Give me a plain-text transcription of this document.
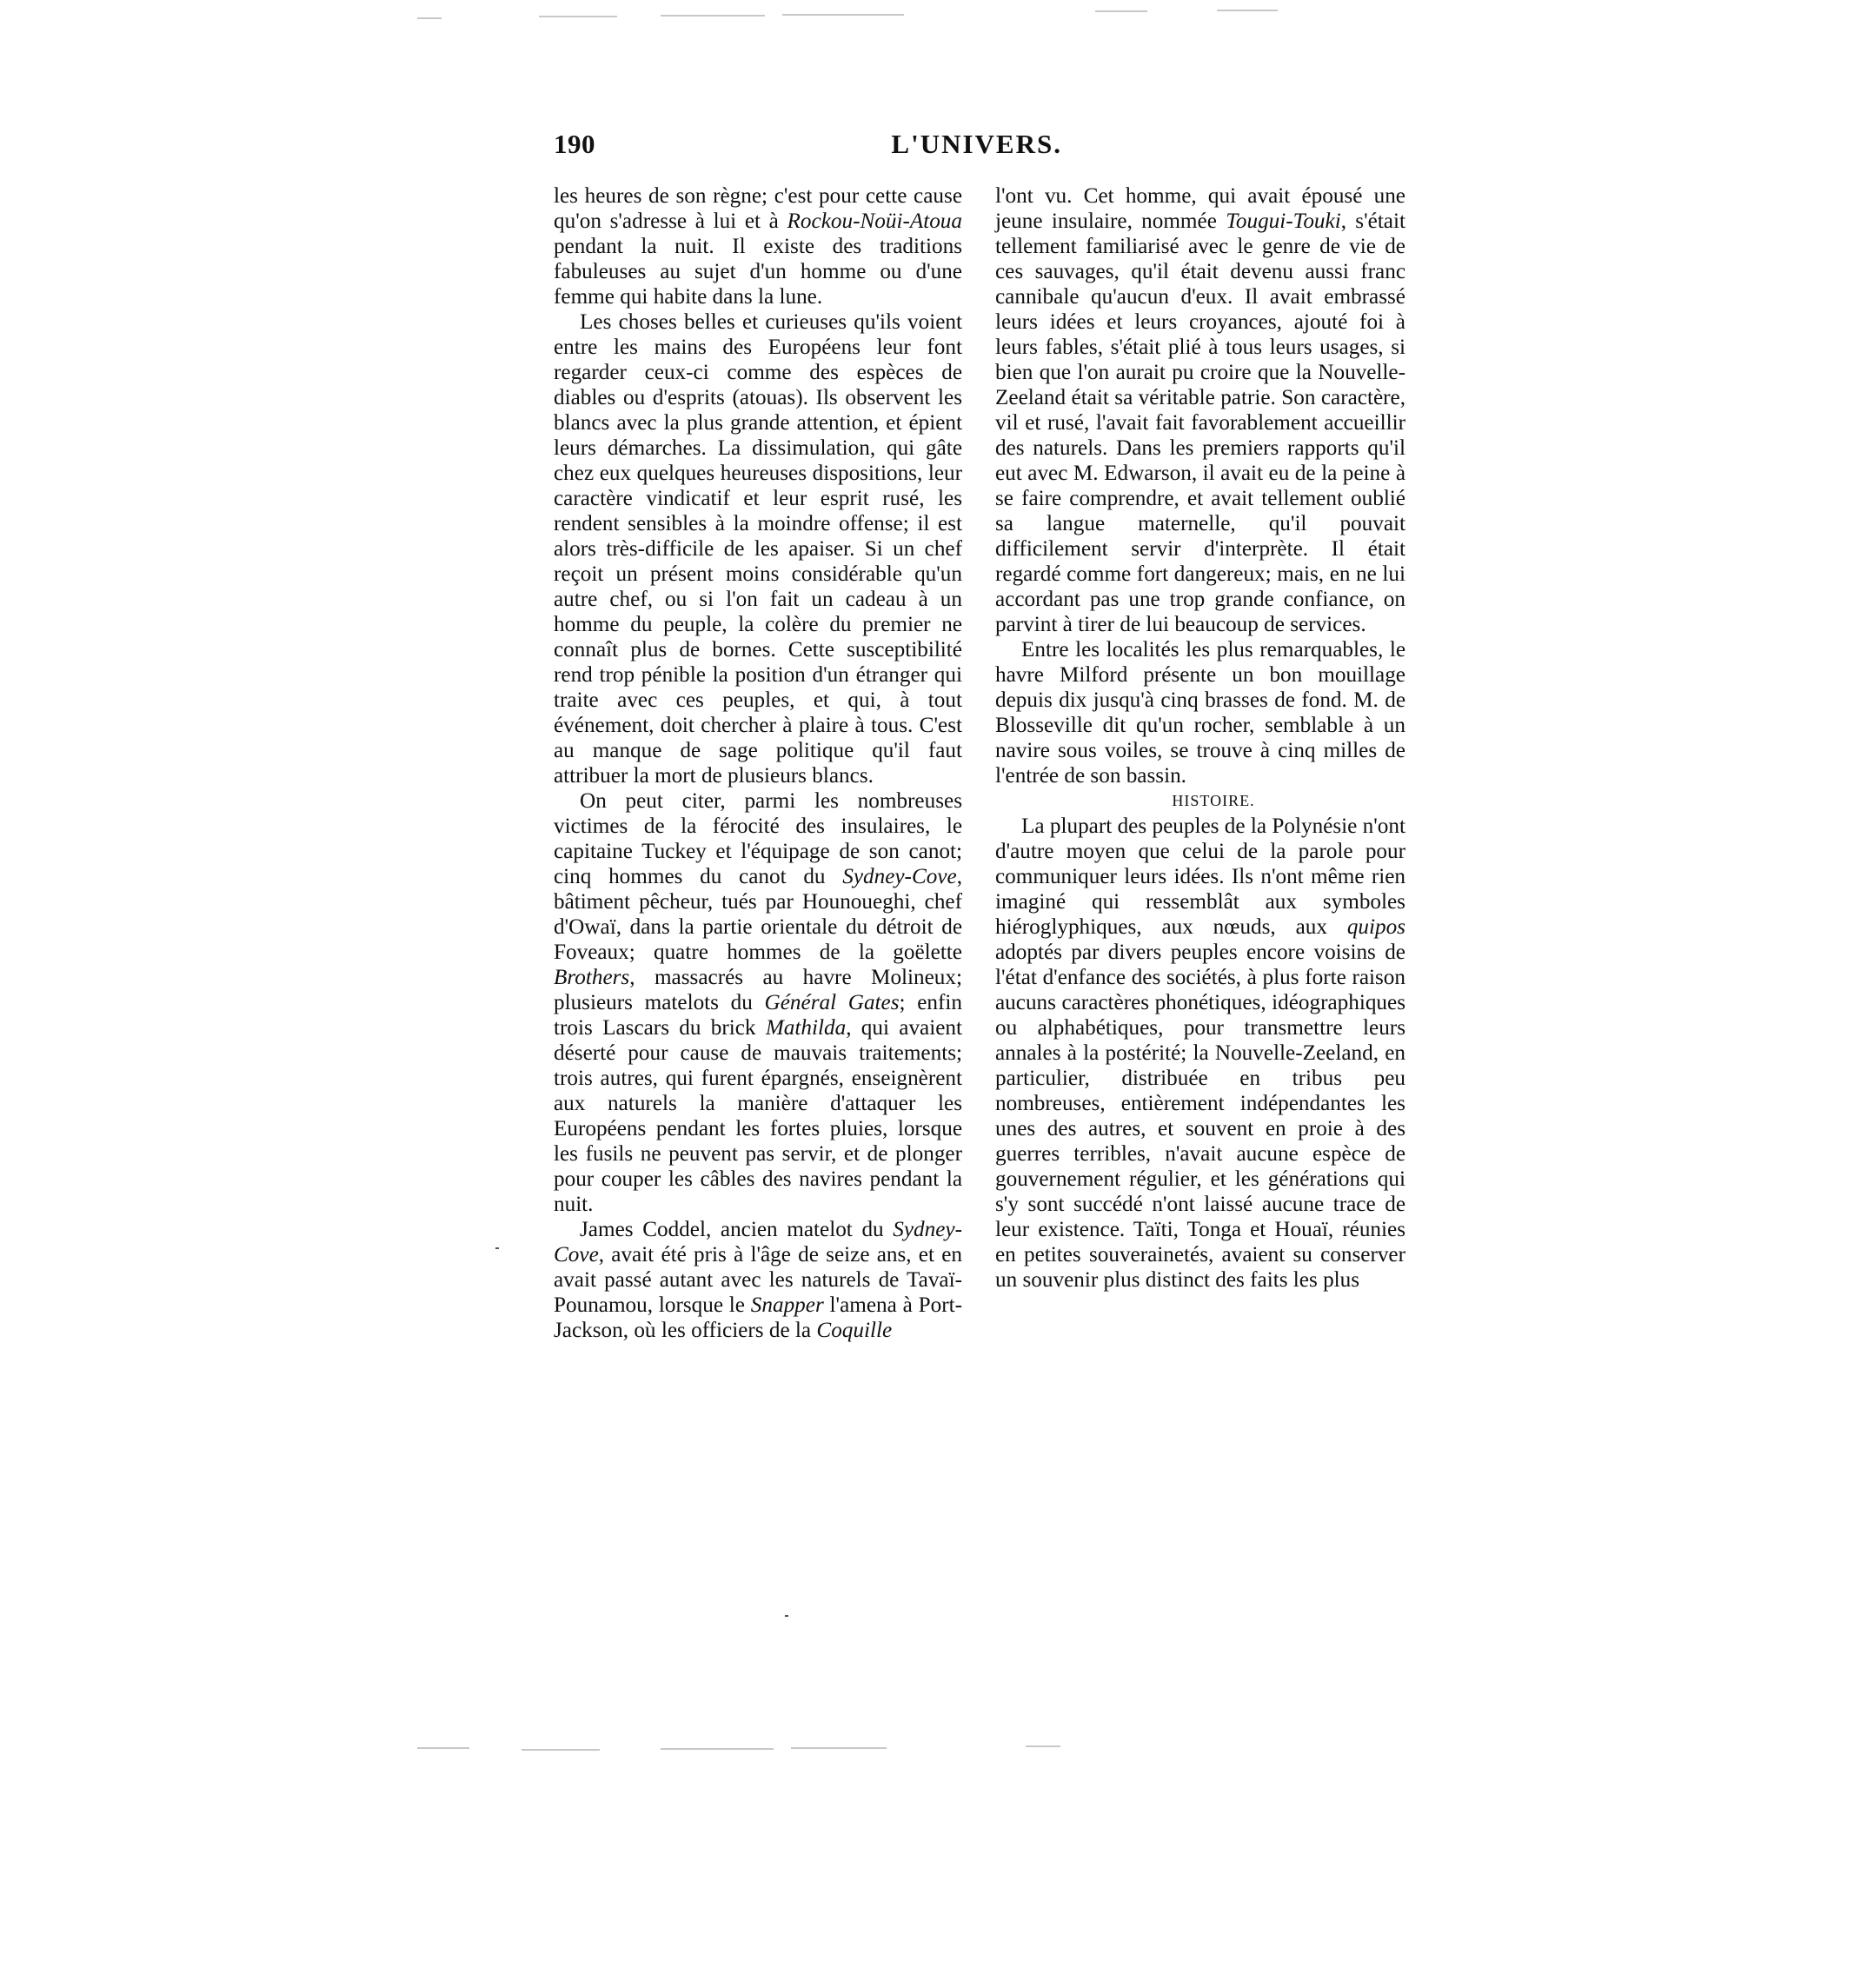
190	L'UNIVERS.

les heures de son règne; c'est pour cette cause qu'on s'adresse à lui et à Rockou-Noüi-Atoua pendant la nuit. Il existe des traditions fabuleuses au sujet d'un homme ou d'une femme qui habite dans la lune.

Les choses belles et curieuses qu'ils voient entre les mains des Européens leur font regarder ceux-ci comme des espèces de diables ou d'esprits (atouas). Ils observent les blancs avec la plus grande attention, et épient leurs démarches. La dissimulation, qui gâte chez eux quelques heureuses dispositions, leur caractère vindicatif et leur esprit rusé, les rendent sensibles à la moindre offense; il est alors très-difficile de les apaiser. Si un chef reçoit un présent moins considérable qu'un autre chef, ou si l'on fait un cadeau à un homme du peuple, la colère du premier ne connaît plus de bornes. Cette susceptibilité rend trop pénible la position d'un étranger qui traite avec ces peuples, et qui, à tout événement, doit chercher à plaire à tous. C'est au manque de sage politique qu'il faut attribuer la mort de plusieurs blancs.

On peut citer, parmi les nombreuses victimes de la férocité des insulaires, le capitaine Tuckey et l'équipage de son canot; cinq hommes du canot du Sydney-Cove, bâtiment pêcheur, tués par Hounoueghi, chef d'Owaï, dans la partie orientale du détroit de Foveaux; quatre hommes de la goëlette Brothers, massacrés au havre Molineux; plusieurs matelots du Général Gates; enfin trois Lascars du brick Mathilda, qui avaient déserté pour cause de mauvais traitements; trois autres, qui furent épargnés, enseignèrent aux naturels la manière d'attaquer les Européens pendant les fortes pluies, lorsque les fusils ne peuvent pas servir, et de plonger pour couper les câbles des navires pendant la nuit.

James Coddel, ancien matelot du Sydney-Cove, avait été pris à l'âge de seize ans, et en avait passé autant avec les naturels de Tavaï-Pounamou, lorsque le Snapper l'amena à Port-Jackson, où les officiers de la Coquille

l'ont vu. Cet homme, qui avait épousé une jeune insulaire, nommée Tougui-Touki, s'était tellement familiarisé avec le genre de vie de ces sauvages, qu'il était devenu aussi franc cannibale qu'aucun d'eux. Il avait embrassé leurs idées et leurs croyances, ajouté foi à leurs fables, s'était plié à tous leurs usages, si bien que l'on aurait pu croire que la Nouvelle-Zeeland était sa véritable patrie. Son caractère, vil et rusé, l'avait fait favorablement accueillir des naturels. Dans les premiers rapports qu'il eut avec M. Edwarson, il avait eu de la peine à se faire comprendre, et avait tellement oublié sa langue maternelle, qu'il pouvait difficilement servir d'interprète. Il était regardé comme fort dangereux; mais, en ne lui accordant pas une trop grande confiance, on parvint à tirer de lui beaucoup de services.

Entre les localités les plus remarquables, le havre Milford présente un bon mouillage depuis dix jusqu'à cinq brasses de fond. M. de Blosseville dit qu'un rocher, semblable à un navire sous voiles, se trouve à cinq milles de l'entrée de son bassin.

HISTOIRE.

La plupart des peuples de la Polynésie n'ont d'autre moyen que celui de la parole pour communiquer leurs idées. Ils n'ont même rien imaginé qui ressemblât aux symboles hiéroglyphiques, aux nœuds, aux quipos adoptés par divers peuples encore voisins de l'état d'enfance des sociétés, à plus forte raison aucuns caractères phonétiques, idéographiques ou alphabétiques, pour transmettre leurs annales à la postérité; la Nouvelle-Zeeland, en particulier, distribuée en tribus peu nombreuses, entièrement indépendantes les unes des autres, et souvent en proie à des guerres terribles, n'avait aucune espèce de gouvernement régulier, et les générations qui s'y sont succédé n'ont laissé aucune trace de leur existence. Taïti, Tonga et Houaï, réunies en petites souverainetés, avaient su conserver un souvenir plus distinct des faits les plus
